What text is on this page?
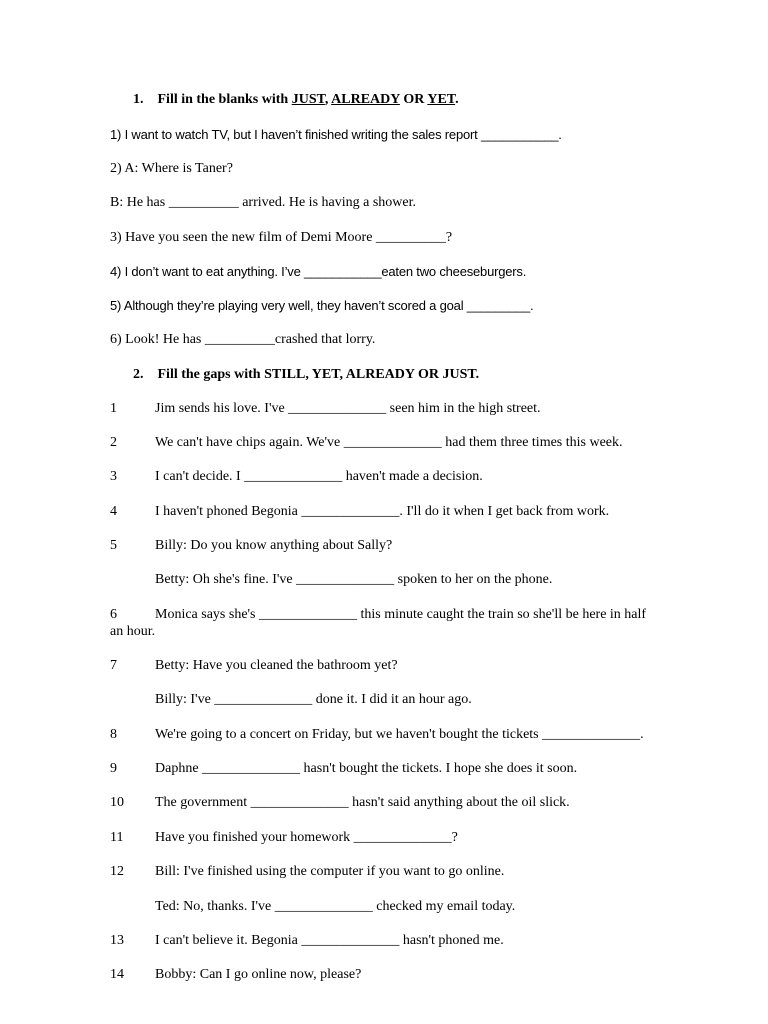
1. Fill in the blanks with JUST, ALREADY OR YET.
1) I want to watch TV, but I haven’t finished writing the sales report ___________.
2) A: Where is Taner?
B: He has __________ arrived. He is having a shower.
3) Have you seen the new film of Demi Moore __________?
4) I don’t want to eat anything. I’ve ___________eaten two cheeseburgers.
5) Although they’re playing very well, they haven’t scored a goal _________.
6) Look! He has __________crashed that lorry.
2. Fill the gaps with STILL, YET, ALREADY OR JUST.
1	Jim sends his love. I've ______________ seen him in the high street.
2	We can't have chips again. We've ______________ had them three times this week.
3	I can't decide. I ______________ haven't made a decision.
4	I haven't phoned Begonia ______________. I'll do it when I get back from work.
5	Billy: Do you know anything about Sally?
Betty: Oh she's fine. I've ______________ spoken to her on the phone.
6	Monica says she's ______________ this minute caught the train so she'll be here in half
an hour.
7	Betty: Have you cleaned the bathroom yet?
Billy: I've ______________ done it. I did it an hour ago.
8	We're going to a concert on Friday, but we haven't bought the tickets ______________.
9	Daphne ______________ hasn't bought the tickets. I hope she does it soon.
10 The government ______________ hasn't said anything about the oil slick.
11 Have you finished your homework ______________?
12 Bill: I've finished using the computer if you want to go online.
Ted: No, thanks. I've ______________ checked my email today.
13 I can't believe it. Begonia ______________ hasn't phoned me.
14 Bobby: Can I go online now, please?
